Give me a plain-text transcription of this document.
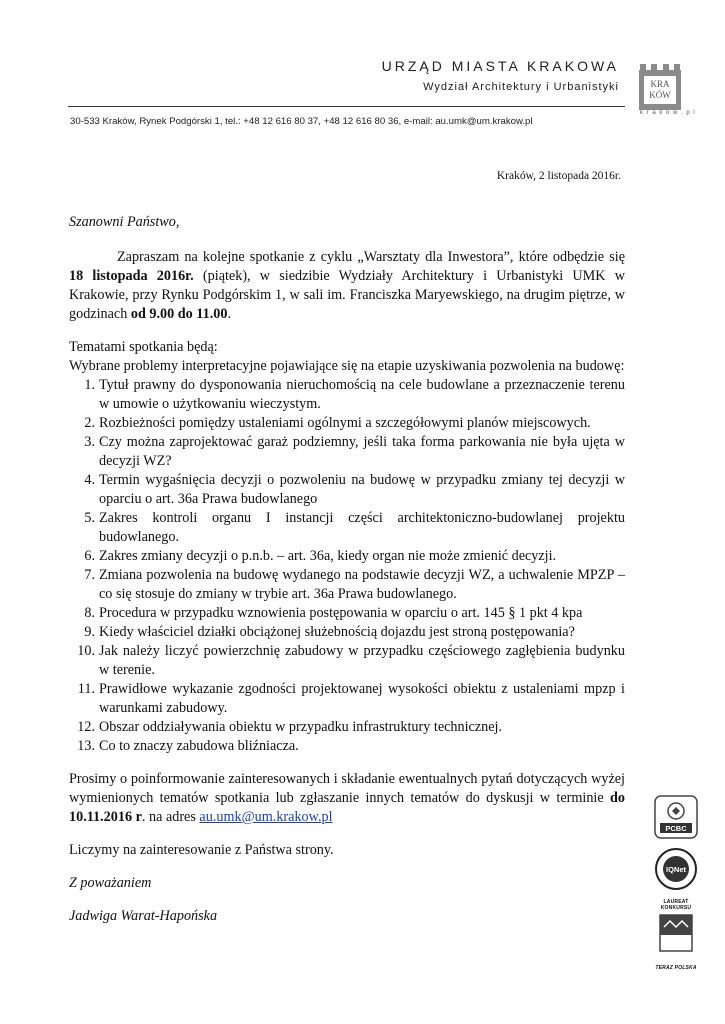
URZĄD MIASTA KRAKOWA
Wydział Architektury i Urbanistyki	KRA
KÓW
k r a k o w . p l
30-533 Kraków, Rynek Podgórski 1, tel.: +48 12 616 80 37, +48 12 616 80 36, e-mail: au.umk@um.krakow.pl
Kraków, 2 listopada 2016r.

Szanowni Państwo,

Zapraszam na kolejne spotkanie z cyklu „Warsztaty dla Inwestora”, które odbędzie się 18 listopada 2016r. (piątek), w siedzibie Wydziały Architektury i Urbanistyki UMK w Krakowie, przy Rynku Podgórskim 1, w sali im. Franciszka Maryewskiego, na drugim piętrze, w godzinach od 9.00 do 11.00.

Tematami spotkania będą:

Wybrane problemy interpretacyjne pojawiające się na etapie uzyskiwania pozwolenia na budowę:

1. Tytuł prawny do dysponowania nieruchomością na cele budowlane a przeznaczenie terenu w umowie o użytkowaniu wieczystym.
2. Rozbieżności pomiędzy ustaleniami ogólnymi a szczegółowymi planów miejscowych.
3. Czy można zaprojektować garaż podziemny, jeśli taka forma parkowania nie była ujęta w decyzji WZ?
4. Termin wygaśnięcia decyzji o pozwoleniu na budowę w przypadku zmiany tej decyzji w oparciu o art. 36a Prawa budowlanego
5. Zakres kontroli organu I instancji części architektoniczno-budowlanej projektu budowlanego.
6. Zakres zmiany decyzji o p.n.b. – art. 36a, kiedy organ nie może zmienić decyzji.
7. Zmiana pozwolenia na budowę wydanego na podstawie decyzji WZ, a uchwalenie MPZP – co się stosuje do zmiany w trybie art. 36a Prawa budowlanego.
8. Procedura w przypadku wznowienia postępowania w oparciu o art. 145 § 1 pkt 4 kpa
9. Kiedy właściciel działki obciążonej służebnością dojazdu jest stroną postępowania?
10. Jak należy liczyć powierzchnię zabudowy w przypadku częściowego zagłębienia budynku w terenie.
11. Prawidłowe wykazanie zgodności projektowanej wysokości obiektu z ustaleniami mpzp i warunkami zabudowy.
12. Obszar oddziaływania obiektu w przypadku infrastruktury technicznej.
13. Co to znaczy zabudowa bliźniacza.

Prosimy o poinformowanie zainteresowanych i składanie ewentualnych pytań dotyczących wyżej wymienionych tematów spotkania lub zgłaszanie innych tematów do dyskusji w terminie do 10.11.2016 r. na adres au.umk@um.krakow.pl

Liczymy na zainteresowanie z Państwa strony.

Z poważaniem

Jadwiga Warat-Hapońska

PCBC
IQNet
LAUREAT KONKURSU
TERAZ POLSKA
